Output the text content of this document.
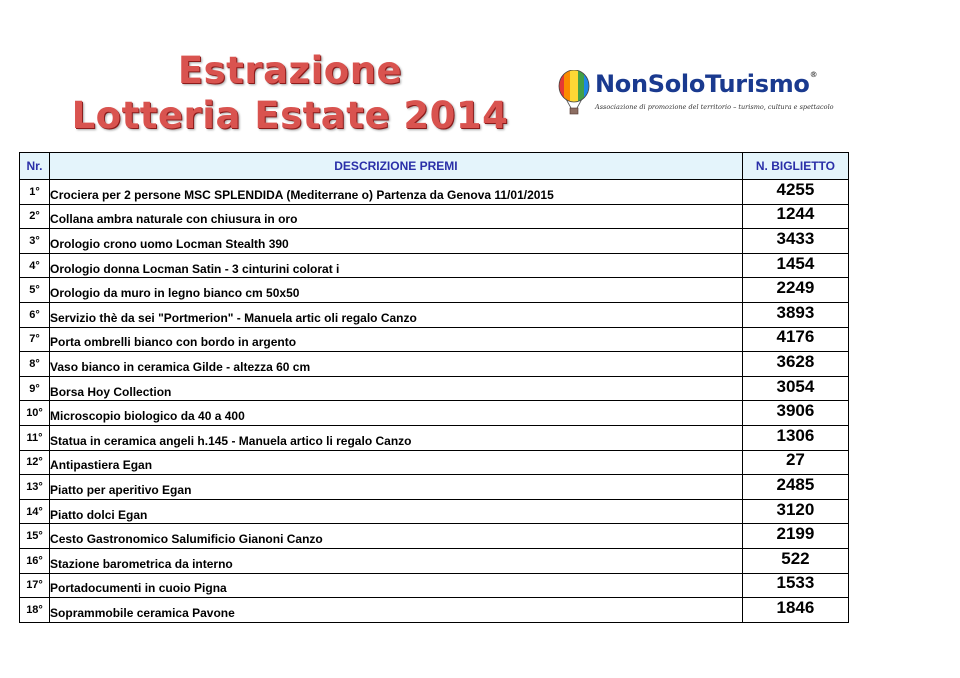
Estrazione
Lotteria Estate 2014
NonSoloTurismo®
Associazione di promozione del territorio – turismo, cultura e spettacolo
Nr.	DESCRIZIONE PREMI	N. BIGLIETTO
1°	Crociera per 2 persone MSC SPLENDIDA (Mediterrane o) Partenza da Genova 11/01/2015	4255
2°	Collana ambra naturale con chiusura in oro	1244
3°	Orologio crono uomo Locman Stealth 390	3433
4°	Orologio donna Locman Satin - 3 cinturini colorat i	1454
5°	Orologio da muro in legno bianco cm 50x50	2249
6°	Servizio thè da sei "Portmerion" - Manuela artic oli regalo Canzo	3893
7°	Porta ombrelli bianco con bordo in argento	4176
8°	Vaso bianco in ceramica Gilde - altezza 60 cm	3628
9°	Borsa Hoy Collection	3054
10°	Microscopio biologico da 40 a 400	3906
11°	Statua in ceramica angeli h.145 - Manuela artico li regalo Canzo	1306
12°	Antipastiera Egan	27
13°	Piatto per aperitivo Egan	2485
14°	Piatto dolci Egan	3120
15°	Cesto Gastronomico Salumificio Gianoni Canzo	2199
16°	Stazione barometrica da interno	522
17°	Portadocumenti in cuoio Pigna	1533
18°	Soprammobile ceramica Pavone	1846
